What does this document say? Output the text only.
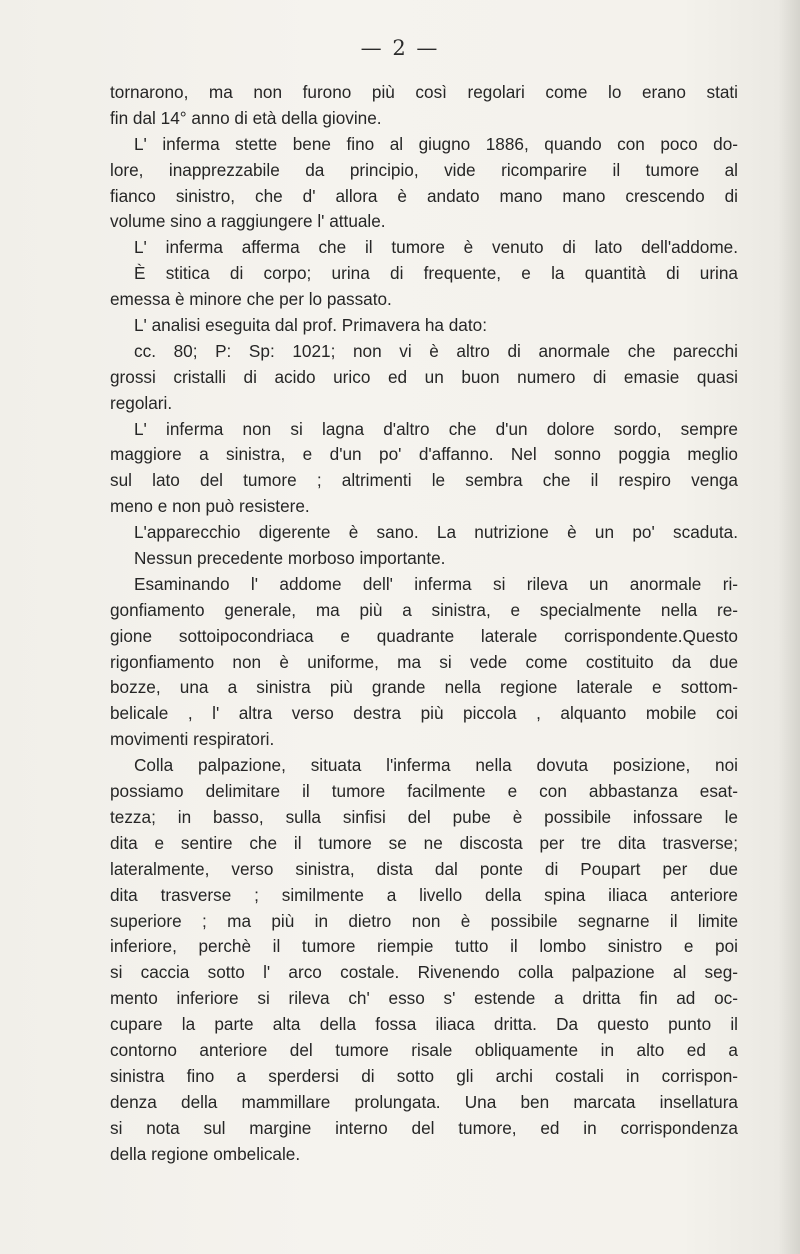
— 2 —
tornarono, ma non furono più così regolari come lo erano stati
fin dal 14° anno di età della giovine.
L' inferma stette bene fino al giugno 1886, quando con poco do-
lore, inapprezzabile da principio, vide ricomparire il tumore al
fianco sinistro, che d' allora è andato mano mano crescendo di
volume sino a raggiungere l' attuale.
L' inferma afferma che il tumore è venuto di lato dell'addome.
È stitica di corpo; urina di frequente, e la quantità di urina
emessa è minore che per lo passato.
L' analisi eseguita dal prof. Primavera ha dato:
cc. 80; P: Sp: 1021; non vi è altro di anormale che parecchi
grossi cristalli di acido urico ed un buon numero di emasie quasi
regolari.
L' inferma non si lagna d'altro che d'un dolore sordo, sempre
maggiore a sinistra, e d'un po' d'affanno. Nel sonno poggia meglio
sul lato del tumore ; altrimenti le sembra che il respiro venga
meno e non può resistere.
L'apparecchio digerente è sano. La nutrizione è un po' scaduta.
Nessun precedente morboso importante.
Esaminando l' addome dell' inferma si rileva un anormale ri-
gonfiamento generale, ma più a sinistra, e specialmente nella re-
gione sottoipocondriaca e quadrante laterale corrispondente.Questo
rigonfiamento non è uniforme, ma si vede come costituito da due
bozze, una a sinistra più grande nella regione laterale e sottom-
belicale , l' altra verso destra più piccola , alquanto mobile coi
movimenti respiratori.
Colla palpazione, situata l'inferma nella dovuta posizione, noi
possiamo delimitare il tumore facilmente e con abbastanza esat-
tezza; in basso, sulla sinfisi del pube è possibile infossare le
dita e sentire che il tumore se ne discosta per tre dita trasverse;
lateralmente, verso sinistra, dista dal ponte di Poupart per due
dita trasverse ; similmente a livello della spina iliaca anteriore
superiore ; ma più in dietro non è possibile segnarne il limite
inferiore, perchè il tumore riempie tutto il lombo sinistro e poi
si caccia sotto l' arco costale. Rivenendo colla palpazione al seg-
mento inferiore si rileva ch' esso s' estende a dritta fin ad oc-
cupare la parte alta della fossa iliaca dritta. Da questo punto il
contorno anteriore del tumore risale obliquamente in alto ed a
sinistra fino a sperdersi di sotto gli archi costali in corrispon-
denza della mammillare prolungata. Una ben marcata insellatura
si nota sul margine interno del tumore, ed in corrispondenza
della regione ombelicale.
